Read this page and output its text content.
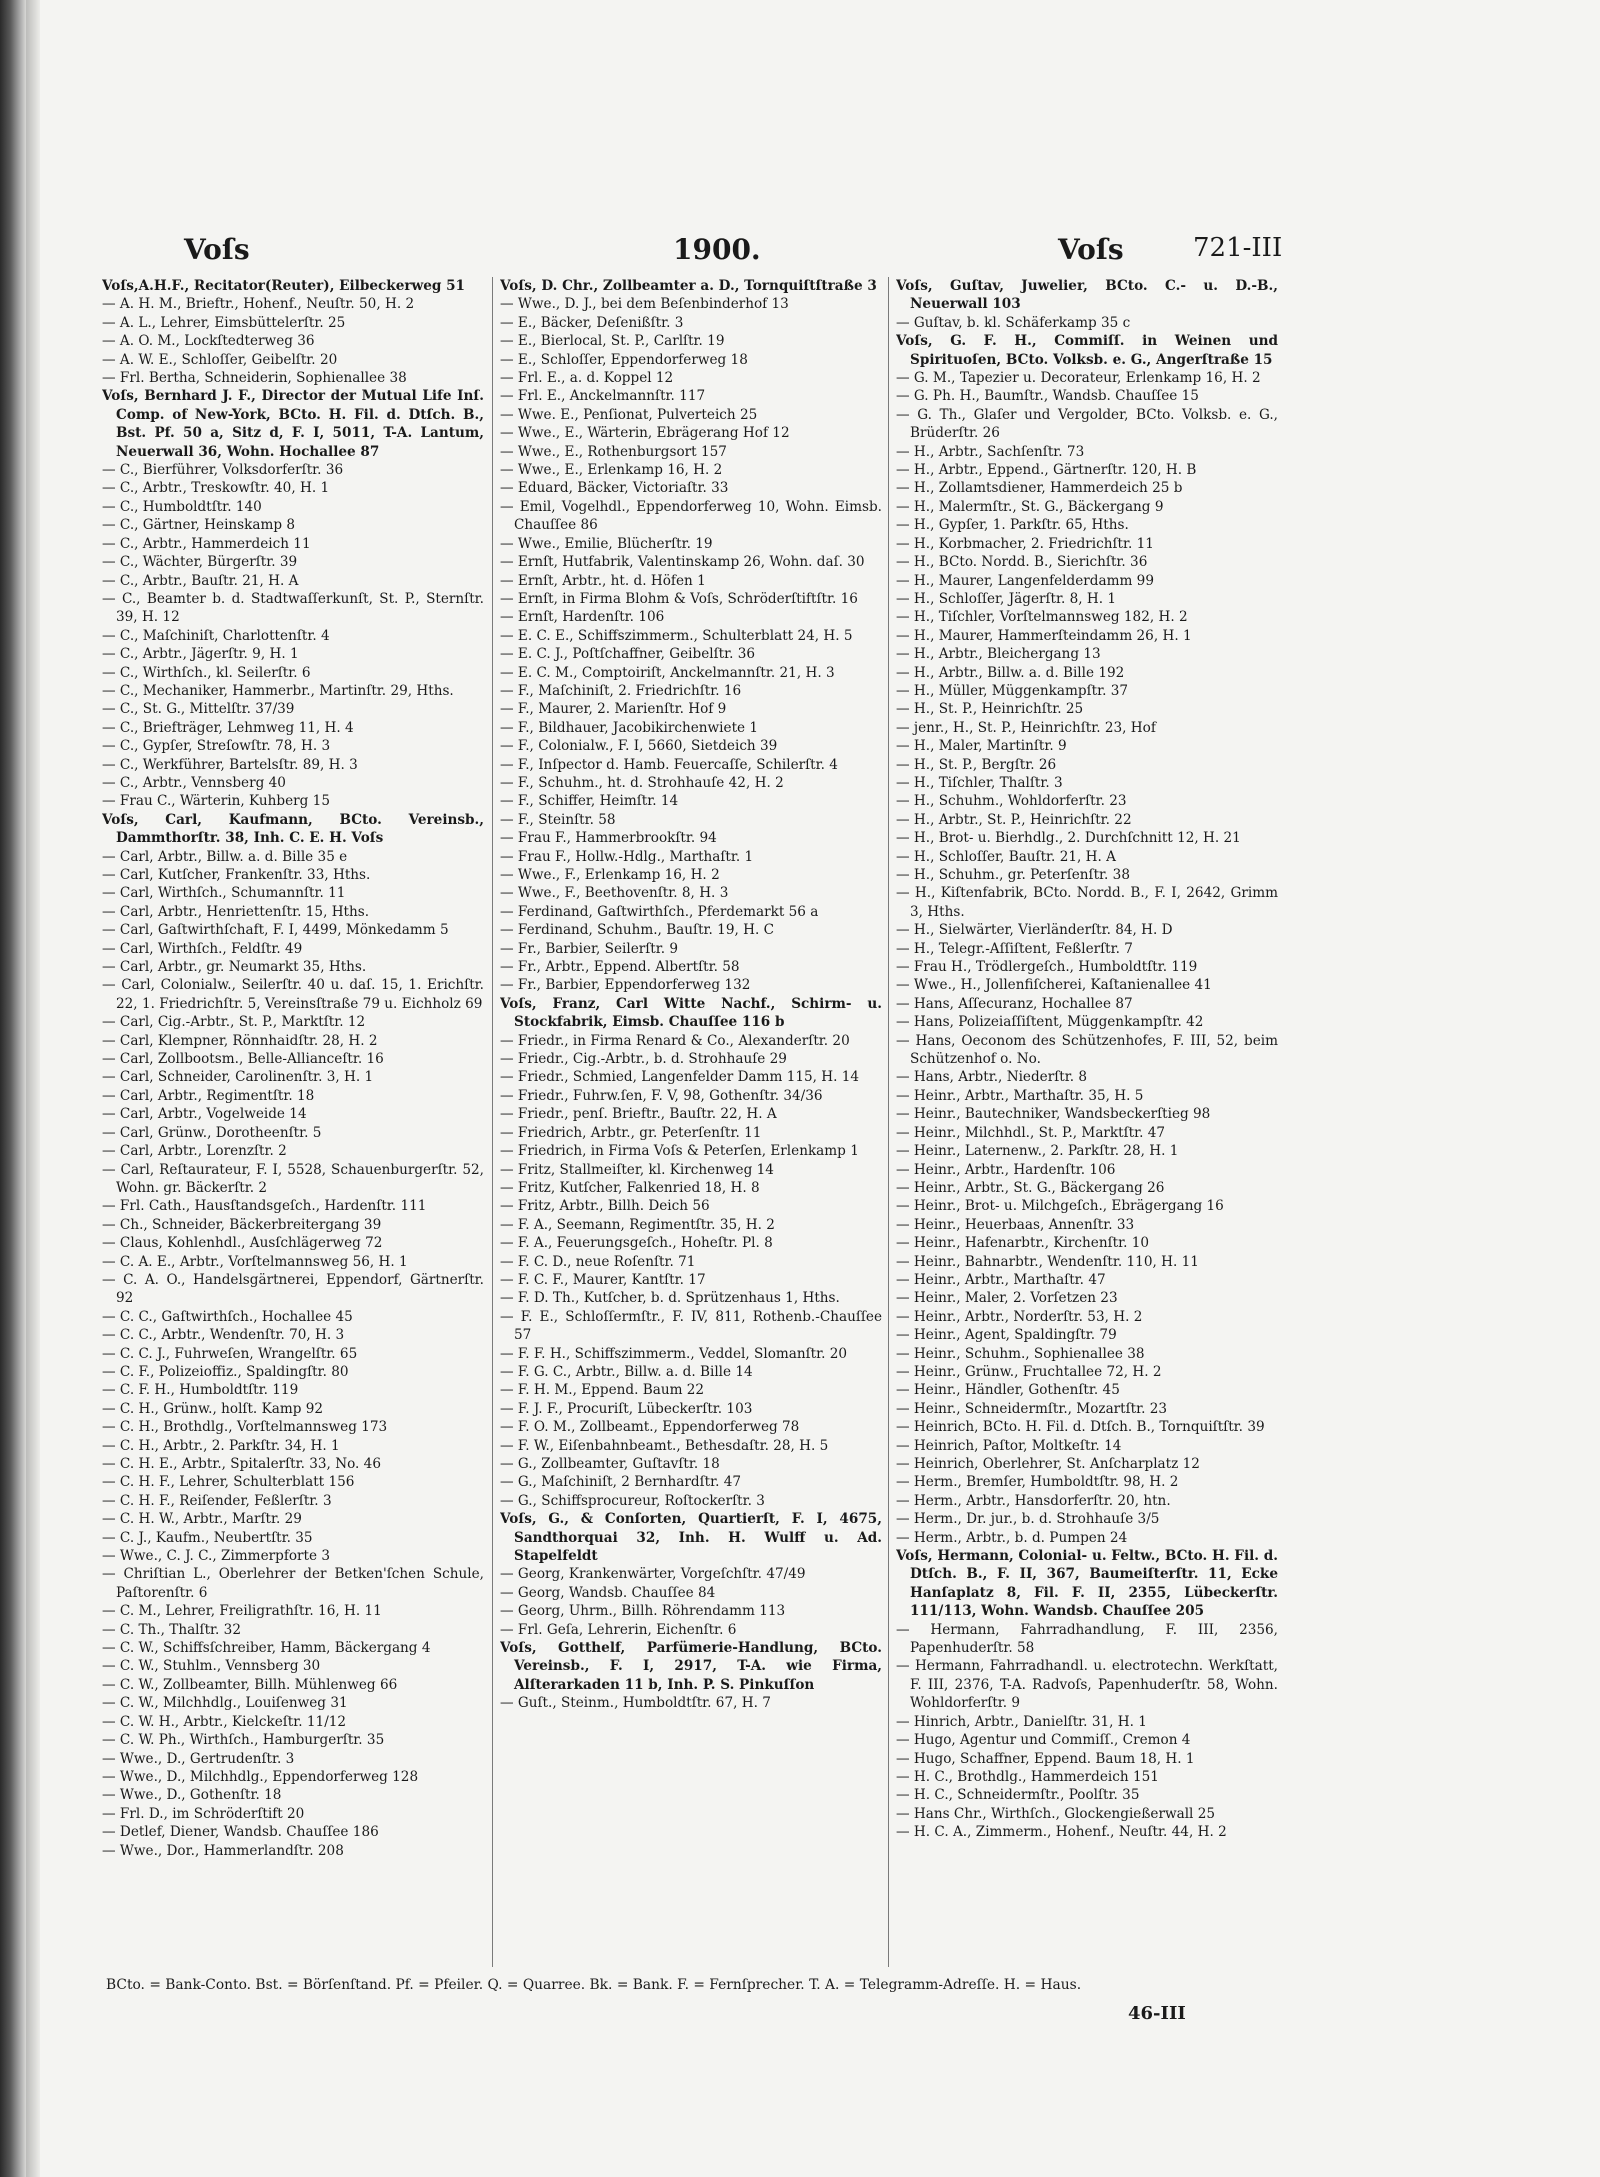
Voſs	1900.	Voſs	721-III
Voſs,A.H.F., Recitator(Reuter), Eilbeckerweg 51
— A. H. M., Brieftr., Hohenf., Neuſtr. 50, H. 2
— A. L., Lehrer, Eimsbüttelerſtr. 25
— A. O. M., Lockſtedterweg 36
— A. W. E., Schloſſer, Geibelſtr. 20
— Frl. Bertha, Schneiderin, Sophienallee 38
Voſs, Bernhard J. F., Director der Mutual Life Inſ. Comp. of New-York, BCto. H. Fil. d. Dtſch. B., Bst. Pf. 50 a, Sitz d, F. I, 5011, T-A. Lantum, Neuerwall 36, Wohn. Hochallee 87
— C., Bierführer, Volksdorferſtr. 36
— C., Arbtr., Treskowſtr. 40, H. 1
— C., Humboldtſtr. 140
— C., Gärtner, Heinskamp 8
— C., Arbtr., Hammerdeich 11
— C., Wächter, Bürgerſtr. 39
— C., Arbtr., Bauſtr. 21, H. A
— C., Beamter b. d. Stadtwaſſerkunſt, St. P., Sternſtr. 39, H. 12
— C., Maſchiniſt, Charlottenſtr. 4
— C., Arbtr., Jägerſtr. 9, H. 1
— C., Wirthſch., kl. Seilerſtr. 6
— C., Mechaniker, Hammerbr., Martinſtr. 29, Hths.
— C., St. G., Mittelſtr. 37/39
— C., Briefträger, Lehmweg 11, H. 4
— C., Gypſer, Streſowſtr. 78, H. 3
— C., Werkführer, Bartelsſtr. 89, H. 3
— C., Arbtr., Vennsberg 40
— Frau C., Wärterin, Kuhberg 15
Voſs, Carl, Kaufmann, BCto. Vereinsb., Dammthorſtr. 38, Inh. C. E. H. Voſs
— Carl, Arbtr., Billw. a. d. Bille 35 e
— Carl, Kutſcher, Frankenſtr. 33, Hths.
— Carl, Wirthſch., Schumannſtr. 11
— Carl, Arbtr., Henriettenſtr. 15, Hths.
— Carl, Gaſtwirthſchaft, F. I, 4499, Mönkedamm 5
— Carl, Wirthſch., Feldſtr. 49
— Carl, Arbtr., gr. Neumarkt 35, Hths.
— Carl, Colonialw., Seilerſtr. 40 u. daſ. 15, 1. Erichſtr. 22, 1. Friedrichſtr. 5, Vereinsſtraße 79 u. Eichholz 69
— Carl, Cig.-Arbtr., St. P., Marktſtr. 12
— Carl, Klempner, Rönnhaidſtr. 28, H. 2
— Carl, Zollbootsm., Belle-Allianceſtr. 16
— Carl, Schneider, Carolinenſtr. 3, H. 1
— Carl, Arbtr., Regimentſtr. 18
— Carl, Arbtr., Vogelweide 14
— Carl, Grünw., Dorotheenſtr. 5
— Carl, Arbtr., Lorenzſtr. 2
— Carl, Reſtaurateur, F. I, 5528, Schauenburgerſtr. 52, Wohn. gr. Bäckerſtr. 2
— Frl. Cath., Hausſtandsgeſch., Hardenſtr. 111
— Ch., Schneider, Bäckerbreitergang 39
— Claus, Kohlenhdl., Ausſchlägerweg 72
— C. A. E., Arbtr., Vorſtelmannsweg 56, H. 1
— C. A. O., Handelsgärtnerei, Eppendorf, Gärtnerſtr. 92
— C. C., Gaſtwirthſch., Hochallee 45
— C. C., Arbtr., Wendenſtr. 70, H. 3
— C. C. J., Fuhrweſen, Wrangelſtr. 65
— C. F., Polizeioffiz., Spaldingſtr. 80
— C. F. H., Humboldtſtr. 119
— C. H., Grünw., holſt. Kamp 92
— C. H., Brothdlg., Vorſtelmannsweg 173
— C. H., Arbtr., 2. Parkſtr. 34, H. 1
— C. H. E., Arbtr., Spitalerſtr. 33, No. 46
— C. H. F., Lehrer, Schulterblatt 156
— C. H. F., Reiſender, Feßlerſtr. 3
— C. H. W., Arbtr., Marſtr. 29
— C. J., Kaufm., Neubertſtr. 35
— Wwe., C. J. C., Zimmerpforte 3
— Chriſtian L., Oberlehrer der Betken'ſchen Schule, Paſtorenſtr. 6
— C. M., Lehrer, Freiligrathſtr. 16, H. 11
— C. Th., Thalſtr. 32
— C. W., Schiffsſchreiber, Hamm, Bäckergang 4
— C. W., Stuhlm., Vennsberg 30
— C. W., Zollbeamter, Billh. Mühlenweg 66
— C. W., Milchhdlg., Louiſenweg 31
— C. W. H., Arbtr., Kielckeſtr. 11/12
— C. W. Ph., Wirthſch., Hamburgerſtr. 35
— Wwe., D., Gertrudenſtr. 3
— Wwe., D., Milchhdlg., Eppendorferweg 128
— Wwe., D., Gothenſtr. 18
— Frl. D., im Schröderſtift 20
— Detlef, Diener, Wandsb. Chauſſee 186
— Wwe., Dor., Hammerlandſtr. 208
Voſs, D. Chr., Zollbeamter a. D., Tornquiſtſtraße 3
— Wwe., D. J., bei dem Beſenbinderhof 13
— E., Bäcker, Deſenißſtr. 3
— E., Bierlocal, St. P., Carlſtr. 19
— E., Schloſſer, Eppendorferweg 18
— Frl. E., a. d. Koppel 12
— Frl. E., Anckelmannſtr. 117
— Wwe. E., Penſionat, Pulverteich 25
— Wwe., E., Wärterin, Ebrägerang Hof 12
— Wwe., E., Rothenburgsort 157
— Wwe., E., Erlenkamp 16, H. 2
— Eduard, Bäcker, Victoriaſtr. 33
— Emil, Vogelhdl., Eppendorferweg 10, Wohn. Eimsb. Chauſſee 86
— Wwe., Emilie, Blücherſtr. 19
— Ernſt, Hutfabrik, Valentinskamp 26, Wohn. daſ. 30
— Ernſt, Arbtr., ht. d. Höfen 1
— Ernſt, in Firma Blohm & Voſs, Schröderſtiftſtr. 16
— Ernſt, Hardenſtr. 106
— E. C. E., Schiffszimmerm., Schulterblatt 24, H. 5
— E. C. J., Poſtſchaffner, Geibelſtr. 36
— E. C. M., Comptoiriſt, Anckelmannſtr. 21, H. 3
— F., Maſchiniſt, 2. Friedrichſtr. 16
— F., Maurer, 2. Marienſtr. Hof 9
— F., Bildhauer, Jacobikirchenwiete 1
— F., Colonialw., F. I, 5660, Sietdeich 39
— F., Inſpector d. Hamb. Feuercaſſe, Schilerſtr. 4
— F., Schuhm., ht. d. Strohhauſe 42, H. 2
— F., Schiffer, Heimſtr. 14
— F., Steinſtr. 58
— Frau F., Hammerbrookſtr. 94
— Frau F., Hollw.-Hdlg., Marthaſtr. 1
— Wwe., F., Erlenkamp 16, H. 2
— Wwe., F., Beethovenſtr. 8, H. 3
— Ferdinand, Gaſtwirthſch., Pferdemarkt 56 a
— Ferdinand, Schuhm., Bauſtr. 19, H. C
— Fr., Barbier, Seilerſtr. 9
— Fr., Arbtr., Eppend. Albertſtr. 58
— Fr., Barbier, Eppendorferweg 132
Voſs, Franz, Carl Witte Nachf., Schirm- u. Stockfabrik, Eimsb. Chauſſee 116 b
— Friedr., in Firma Renard & Co., Alexanderſtr. 20
— Friedr., Cig.-Arbtr., b. d. Strohhauſe 29
— Friedr., Schmied, Langenfelder Damm 115, H. 14
— Friedr., Fuhrw.ſen, F. V, 98, Gothenſtr. 34/36
— Friedr., penſ. Brieftr., Bauſtr. 22, H. A
— Friedrich, Arbtr., gr. Peterſenſtr. 11
— Friedrich, in Firma Voſs & Peterſen, Erlenkamp 1
— Fritz, Stallmeiſter, kl. Kirchenweg 14
— Fritz, Kutſcher, Falkenried 18, H. 8
— Fritz, Arbtr., Billh. Deich 56
— F. A., Seemann, Regimentſtr. 35, H. 2
— F. A., Feuerungsgeſch., Hoheſtr. Pl. 8
— F. C. D., neue Roſenſtr. 71
— F. C. F., Maurer, Kantſtr. 17
— F. D. Th., Kutſcher, b. d. Sprützenhaus 1, Hths.
— F. E., Schloſſermſtr., F. IV, 811, Rothenb.-Chauſſee 57
— F. F. H., Schiffszimmerm., Veddel, Slomanſtr. 20
— F. G. C., Arbtr., Billw. a. d. Bille 14
— F. H. M., Eppend. Baum 22
— F. J. F., Procuriſt, Lübeckerſtr. 103
— F. O. M., Zollbeamt., Eppendorferweg 78
— F. W., Eiſenbahnbeamt., Bethesdaſtr. 28, H. 5
— G., Zollbeamter, Guſtavſtr. 18
— G., Maſchiniſt, 2 Bernhardſtr. 47
— G., Schiffsprocureur, Roſtockerſtr. 3
Voſs, G., & Conſorten, Quartierſt, F. I, 4675, Sandthorquai 32, Inh. H. Wulff u. Ad. Stapelfeldt
— Georg, Krankenwärter, Vorgeſchſtr. 47/49
— Georg, Wandsb. Chauſſee 84
— Georg, Uhrm., Billh. Röhrendamm 113
— Frl. Geſa, Lehrerin, Eichenſtr. 6
Voſs, Gotthelf, Parfümerie-Handlung, BCto. Vereinsb., F. I, 2917, T-A. wie Firma, Alſterarkaden 11 b, Inh. P. S. Pinkuſſon
— Guſt., Steinm., Humboldtſtr. 67, H. 7
Voſs, Guſtav, Juwelier, BCto. C.- u. D.-B., Neuerwall 103
— Guſtav, b. kl. Schäferkamp 35 c
Voſs, G. F. H., Commiſſ. in Weinen und Spirituoſen, BCto. Volksb. e. G., Angerſtraße 15
— G. M., Tapezier u. Decorateur, Erlenkamp 16, H. 2
— G. Ph. H., Baumſtr., Wandsb. Chauſſee 15
— G. Th., Glaſer und Vergolder, BCto. Volksb. e. G., Brüderſtr. 26
— H., Arbtr., Sachſenſtr. 73
— H., Arbtr., Eppend., Gärtnerſtr. 120, H. B
— H., Zollamtsdiener, Hammerdeich 25 b
— H., Malermſtr., St. G., Bäckergang 9
— H., Gypſer, 1. Parkſtr. 65, Hths.
— H., Korbmacher, 2. Friedrichſtr. 11
— H., BCto. Nordd. B., Sierichſtr. 36
— H., Maurer, Langenfelderdamm 99
— H., Schloſſer, Jägerſtr. 8, H. 1
— H., Tiſchler, Vorſtelmannsweg 182, H. 2
— H., Maurer, Hammerſteindamm 26, H. 1
— H., Arbtr., Bleichergang 13
— H., Arbtr., Billw. a. d. Bille 192
— H., Müller, Müggenkampſtr. 37
— H., St. P., Heinrichſtr. 25
— jenr., H., St. P., Heinrichſtr. 23, Hof
— H., Maler, Martinſtr. 9
— H., St. P., Bergſtr. 26
— H., Tiſchler, Thalſtr. 3
— H., Schuhm., Wohldorferſtr. 23
— H., Arbtr., St. P., Heinrichſtr. 22
— H., Brot- u. Bierhdlg., 2. Durchſchnitt 12, H. 21
— H., Schloſſer, Bauſtr. 21, H. A
— H., Schuhm., gr. Peterſenſtr. 38
— H., Kiſtenfabrik, BCto. Nordd. B., F. I, 2642, Grimm 3, Hths.
— H., Sielwärter, Vierländerſtr. 84, H. D
— H., Telegr.-Aſſiſtent, Feßlerſtr. 7
— Frau H., Trödlergeſch., Humboldtſtr. 119
— Wwe., H., Jollenfiſcherei, Kaſtanienallee 41
— Hans, Aſſecuranz, Hochallee 87
— Hans, Polizeiaſſiſtent, Müggenkampſtr. 42
— Hans, Oeconom des Schützenhofes, F. III, 52, beim Schützenhof o. No.
— Hans, Arbtr., Niederſtr. 8
— Heinr., Arbtr., Marthaſtr. 35, H. 5
— Heinr., Bautechniker, Wandsbeckerſtieg 98
— Heinr., Milchhdl., St. P., Marktſtr. 47
— Heinr., Laternenw., 2. Parkſtr. 28, H. 1
— Heinr., Arbtr., Hardenſtr. 106
— Heinr., Arbtr., St. G., Bäckergang 26
— Heinr., Brot- u. Milchgeſch., Ebrägergang 16
— Heinr., Heuerbaas, Annenſtr. 33
— Heinr., Hafenarbtr., Kirchenſtr. 10
— Heinr., Bahnarbtr., Wendenſtr. 110, H. 11
— Heinr., Arbtr., Marthaſtr. 47
— Heinr., Maler, 2. Vorſetzen 23
— Heinr., Arbtr., Norderſtr. 53, H. 2
— Heinr., Agent, Spaldingſtr. 79
— Heinr., Schuhm., Sophienallee 38
— Heinr., Grünw., Fruchtallee 72, H. 2
— Heinr., Händler, Gothenſtr. 45
— Heinr., Schneidermſtr., Mozartſtr. 23
— Heinrich, BCto. H. Fil. d. Dtſch. B., Tornquiſtſtr. 39
— Heinrich, Paſtor, Moltkeſtr. 14
— Heinrich, Oberlehrer, St. Anſcharplatz 12
— Herm., Bremſer, Humboldtſtr. 98, H. 2
— Herm., Arbtr., Hansdorferſtr. 20, htn.
— Herm., Dr. jur., b. d. Strohhauſe 3/5
— Herm., Arbtr., b. d. Pumpen 24
Voſs, Hermann, Colonial- u. Feltw., BCto. H. Fil. d. Dtſch. B., F. II, 367, Baumeiſterſtr. 11, Ecke Hanſaplatz 8, Fil. F. II, 2355, Lübeckerſtr. 111/113, Wohn. Wandsb. Chauſſee 205
— Hermann, Fahrradhandlung, F. III, 2356, Papenhuderſtr. 58
— Hermann, Fahrradhandl. u. electrotechn. Werkſtatt, F. III, 2376, T-A. Radvoſs, Papenhuderſtr. 58, Wohn. Wohldorferſtr. 9
— Hinrich, Arbtr., Danielſtr. 31, H. 1
— Hugo, Agentur und Commiſſ., Cremon 4
— Hugo, Schaffner, Eppend. Baum 18, H. 1
— H. C., Brothdlg., Hammerdeich 151
— H. C., Schneidermſtr., Poolſtr. 35
— Hans Chr., Wirthſch., Glockengießerwall 25
— H. C. A., Zimmerm., Hohenf., Neuſtr. 44, H. 2
BCto. = Bank-Conto. Bst. = Börſenſtand. Pf. = Pfeiler. Q. = Quarree. Bk. = Bank. F. = Fernſprecher. T. A. = Telegramm-Adreſſe. H. = Haus.
46-III
